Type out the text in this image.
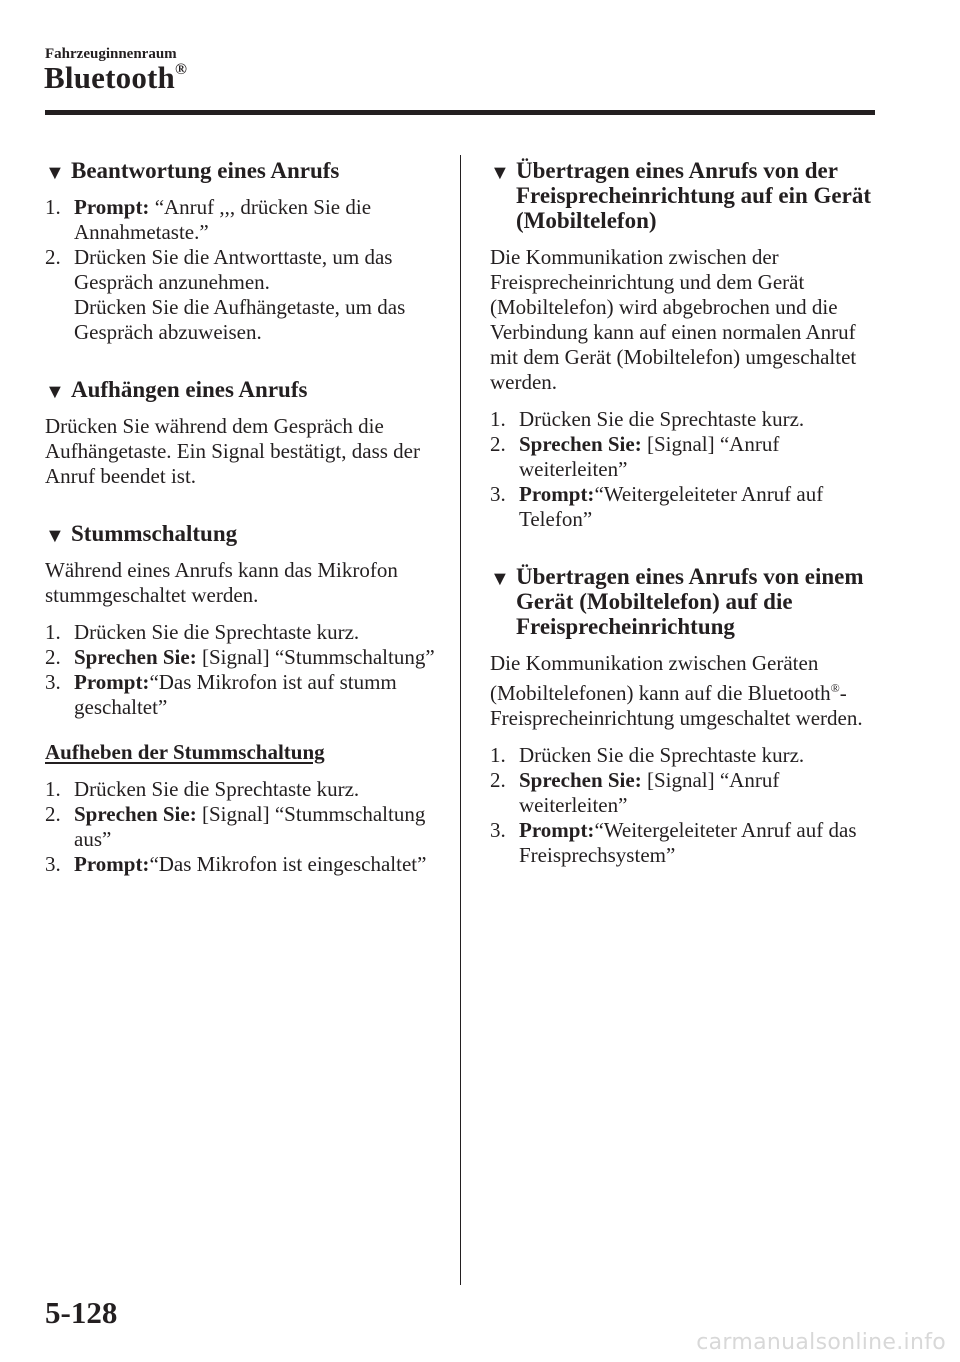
Fahrzeuginnenraum
Bluetooth®
▼ Beantwortung eines Anrufs
1. Prompt: “Anruf ,,, drücken Sie die Annahmetaste.”
2. Drücken Sie die Antworttaste, um das Gespräch anzunehmen.
Drücken Sie die Aufhängetaste, um das Gespräch abzuweisen.
▼ Aufhängen eines Anrufs

Drücken Sie während dem Gespräch die Aufhängetaste. Ein Signal bestätigt, dass der Anruf beendet ist.

▼ Stummschaltung

Während eines Anrufs kann das Mikrofon stummgeschaltet werden.

1. Drücken Sie die Sprechtaste kurz.
2. Sprechen Sie: [Signal] “Stummschaltung”
3. Prompt:“Das Mikrofon ist auf stumm geschaltet”
Aufheben der Stummschaltung
1. Drücken Sie die Sprechtaste kurz.
2. Sprechen Sie: [Signal] “Stummschaltung aus”
3. Prompt:“Das Mikrofon ist eingeschaltet”
▼ Übertragen eines Anrufs von der Freisprecheinrichtung auf ein Gerät (Mobiltelefon)

Die Kommunikation zwischen der Freisprecheinrichtung und dem Gerät (Mobiltelefon) wird abgebrochen und die Verbindung kann auf einen normalen Anruf mit dem Gerät (Mobiltelefon) umgeschaltet werden.

1. Drücken Sie die Sprechtaste kurz.
2. Sprechen Sie: [Signal] “Anruf weiterleiten”
3. Prompt:“Weitergeleiteter Anruf auf Telefon”
▼ Übertragen eines Anrufs von einem Gerät (Mobiltelefon) auf die Freisprecheinrichtung

Die Kommunikation zwischen Geräten (Mobiltelefonen) kann auf die Bluetooth®-Freisprecheinrichtung umgeschaltet werden.

1. Drücken Sie die Sprechtaste kurz.
2. Sprechen Sie: [Signal] “Anruf weiterleiten”
3. Prompt:“Weitergeleiteter Anruf auf das Freisprechsystem”
5-128
carmanualsonline.info
